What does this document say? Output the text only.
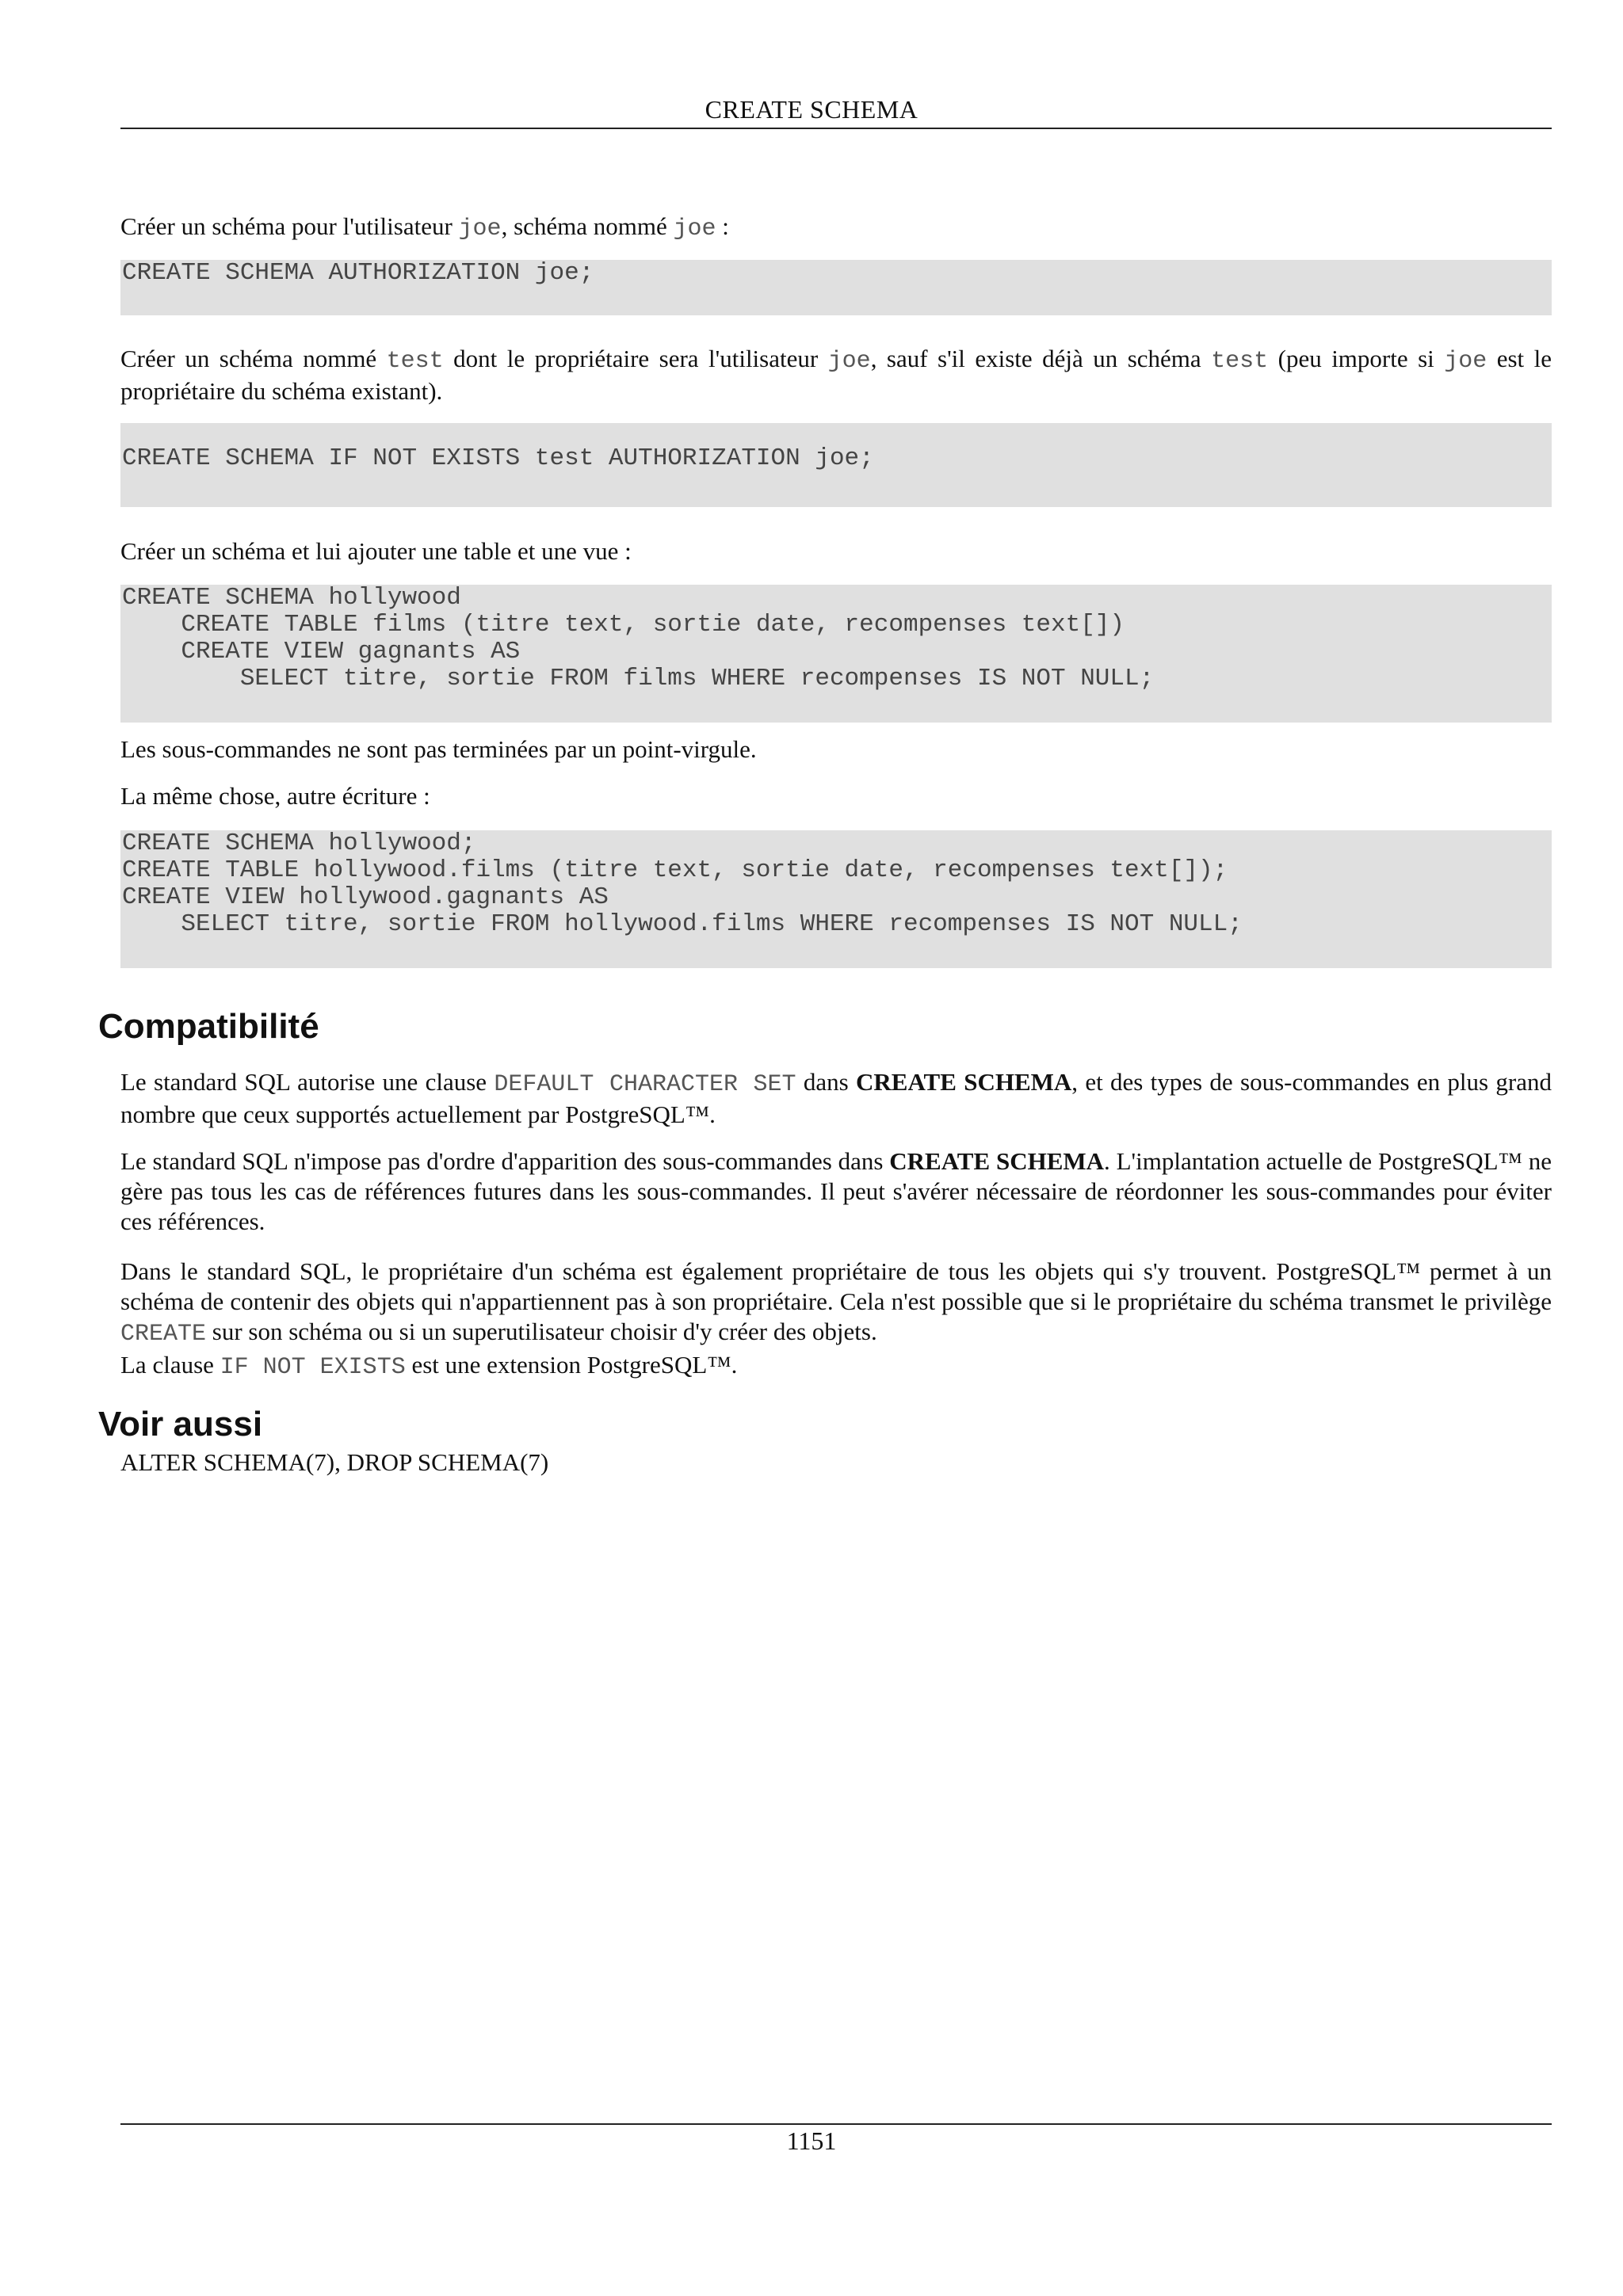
CREATE SCHEMA

Créer un schéma pour l'utilisateur joe, schéma nommé joe :

CREATE SCHEMA AUTHORIZATION joe;

Créer un schéma nommé test dont le propriétaire sera l'utilisateur joe, sauf s'il existe déjà un schéma test (peu importe si joe est le propriétaire du schéma existant).

CREATE SCHEMA IF NOT EXISTS test AUTHORIZATION joe;

Créer un schéma et lui ajouter une table et une vue :

CREATE SCHEMA hollywood
CREATE TABLE films (titre text, sortie date, recompenses text[])
CREATE VIEW gagnants AS
SELECT titre, sortie FROM films WHERE recompenses IS NOT NULL;

Les sous-commandes ne sont pas terminées par un point-virgule.

La même chose, autre écriture :

CREATE SCHEMA hollywood;
CREATE TABLE hollywood.films (titre text, sortie date, recompenses text[]);
CREATE VIEW hollywood.gagnants AS
SELECT titre, sortie FROM hollywood.films WHERE recompenses IS NOT NULL;
Compatibilité

Le standard SQL autorise une clause DEFAULT CHARACTER SET dans CREATE SCHEMA, et des types de sous-commandes en plus grand nombre que ceux supportés actuellement par PostgreSQL™.

Le standard SQL n'impose pas d'ordre d'apparition des sous-commandes dans CREATE SCHEMA. L'implantation actuelle de PostgreSQL™ ne gère pas tous les cas de références futures dans les sous-commandes. Il peut s'avérer nécessaire de réordonner les sous-commandes pour éviter ces références.

Dans le standard SQL, le propriétaire d'un schéma est également propriétaire de tous les objets qui s'y trouvent. PostgreSQL™ permet à un schéma de contenir des objets qui n'appartiennent pas à son propriétaire. Cela n'est possible que si le propriétaire du schéma transmet le privilège CREATE sur son schéma ou si un superutilisateur choisir d'y créer des objets.

La clause IF NOT EXISTS est une extension PostgreSQL™.

Voir aussi

ALTER SCHEMA(7), DROP SCHEMA(7)

1151
